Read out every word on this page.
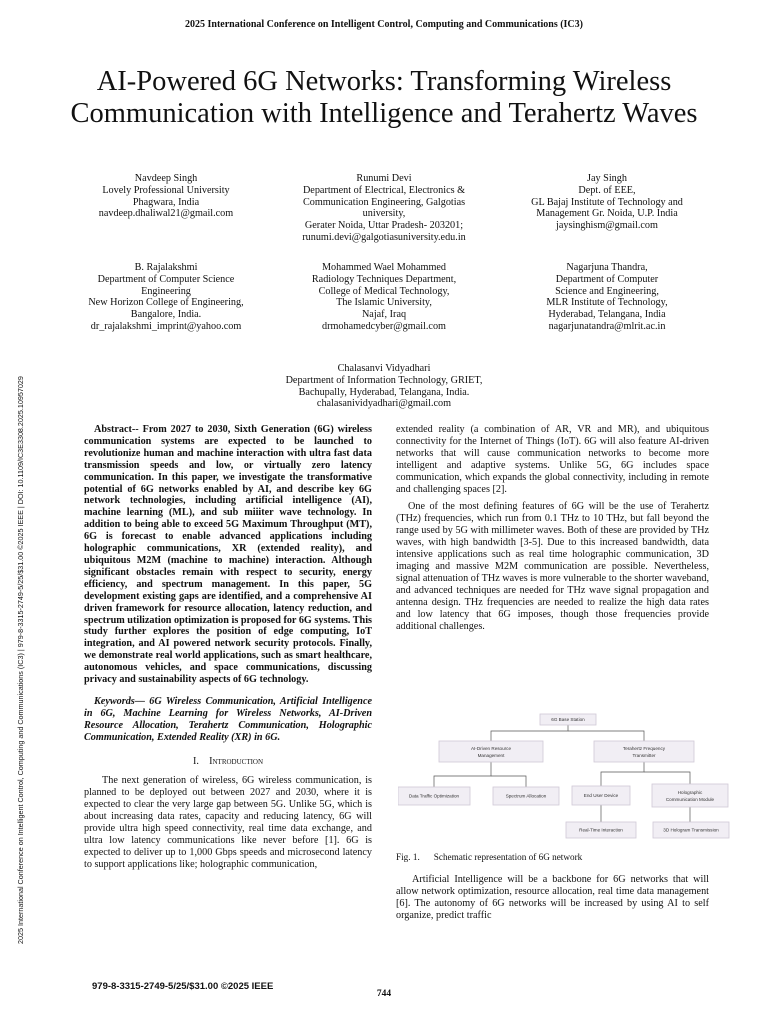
2025 International Conference on Intelligent Control, Computing and Communications (IC3)
AI-Powered 6G Networks: Transforming Wireless Communication with Intelligence and Terahertz Waves
Navdeep Singh
Lovely Professional University
Phagwara, India
navdeep.dhaliwal21@gmail.com
Runumi Devi
Department of Electrical, Electronics &
Communication Engineering, Galgotias
university,
Gerater Noida, Uttar Pradesh- 203201;
runumi.devi@galgotiasuniversity.edu.in
Jay Singh
Dept. of EEE,
GL Bajaj Institute of Technology and
Management Gr. Noida, U.P. India
jaysinghism@gmail.com
B. Rajalakshmi
Department of Computer Science
Engineering
New Horizon College of Engineering,
Bangalore, India.
dr_rajalakshmi_imprint@yahoo.com
Mohammed Wael Mohammed
Radiology Techniques Department,
College of Medical Technology,
The Islamic University,
Najaf, Iraq
drmohamedcyber@gmail.com
Nagarjuna Thandra,
Department of Computer
Science and Engineering,
MLR Institute of Technology,
Hyderabad, Telangana, India
nagarjunatandra@mlrit.ac.in
Chalasanvi Vidyadhari
Department of Information Technology, GRIET,
Bachupally, Hyderabad, Telangana, India.
chalasanividyadhari@gmail.com
2025 International Conference on Intelligent Control, Computing and Communications (IC3) | 979-8-3315-2749-5/25/$31.00 ©2025 IEEE | DOI: 10.1109/IC3E3308.2025.10957029	Abstract-- From 2027 to 2030, Sixth Generation (6G) wireless communication systems are expected to be launched to revolutionize human and machine interaction with ultra fast data transmission speeds and low, or virtually zero latency communication. In this paper, we investigate the transformative potential of 6G networks enabled by AI, and describe key 6G network technologies, including artificial intelligence (AI), machine learning (ML), and sub miiiter wave technology. In addition to being able to exceed 5G Maximum Throughput (MT), 6G is forecast to enable advanced applications including holographic communications, XR (extended reality), and ubiquitous M2M (machine to machine) interaction. Although significant obstacles remain with respect to security, energy efficiency, and spectrum management. In this paper, 5G development existing gaps are identified, and a comprehensive AI driven framework for resource allocation, latency reduction, and spectrum utilization optimization is proposed for 6G systems. This study further explores the position of edge computing, IoT integration, and AI powered network security protocols. Finally, we demonstrate real world applications, such as smart healthcare, autonomous vehicles, and space communications, discussing privacy and sustainability aspects of 6G technology.

Keywords— 6G Wireless Communication, Artificial Intelligence in 6G, Machine Learning for Wireless Networks, AI-Driven Resource Allocation, Terahertz Communication, Holographic Communication, Extended Reality (XR) in 6G.

I. Introduction

The next generation of wireless, 6G wireless communication, is planned to be deployed out between 2027 and 2030, where it is expected to clear the very large gap between 5G. Unlike 5G, which is about increasing data rates, capacity and reducing latency, 6G will provide ultra high speed connectivity, real time data exchange, and ultra low latency communications like never before [1]. 6G is expected to deliver up to 1,000 Gbps speeds and microsecond latency to support applications like; holographic communication,

extended reality (a combination of AR, VR and MR), and ubiquitous connectivity for the Internet of Things (IoT). 6G will also feature AI-driven networks that will cause communication networks to become more intelligent and adaptive systems. Unlike 5G, 6G includes space communication, which expands the global connectivity, including in remote and challenging spaces [2].

One of the most defining features of 6G will be the use of Terahertz (THz) frequencies, which run from 0.1 THz to 10 THz, but fall beyond the range used by 5G with millimeter waves. Both of these are provided by THz waves, with high bandwidth [3-5]. Due to this increased bandwidth, data intensive applications such as real time holographic communication, 3D imaging and massive M2M communication are possible. Nevertheless, signal attenuation of THz waves is more vulnerable to the shorter waveband, and advanced techniques are needed for THz wave signal propagation and antenna design. THz frequencies are needed to realize the high data rates and low latency that 6G imposes, though those frequencies provide additional challenges.

6G Base Station
AI-Driven Resource
Management
Terahertz Frequency
Transmitter
Data Traffic Optimization	Spectrum Allocation	End User Device
Holographic
Communication Module
Real-Time Interaction	3D Hologram Transmission
Fig. 1. Schematic representation of 6G network

Artificial Intelligence will be a backbone for 6G networks that will allow network optimization, resource allocation, real time data management [6]. The autonomy of 6G networks will be increased by using AI to self organize, predict traffic

979-8-3315-2749-5/25/$31.00 ©2025 IEEE
744
